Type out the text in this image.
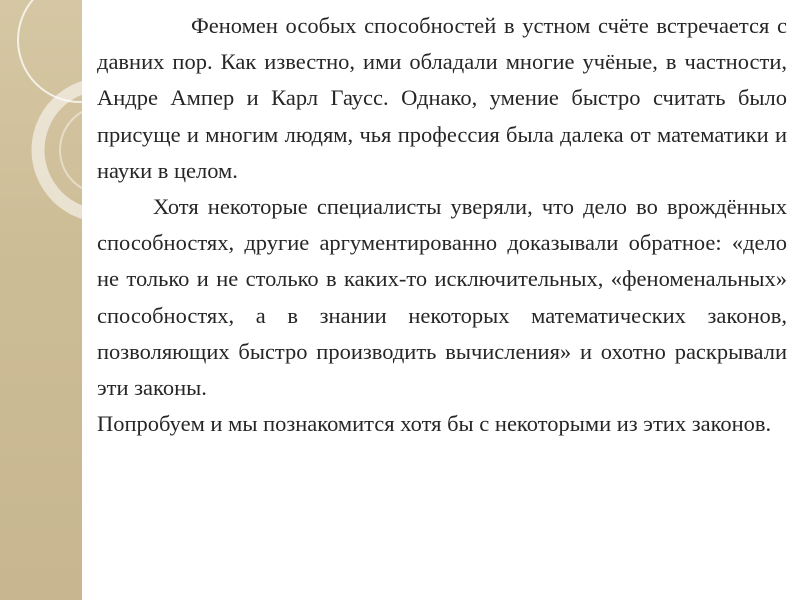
Феномен особых способностей в устном счёте встречается с давних пор. Как известно, ими обладали многие учёные, в частности, Андре Ампер и Карл Гаусс. Однако, умение быстро считать было присуще и многим людям, чья профессия была далека от математики и науки в целом.

Хотя некоторые специалисты уверяли, что дело во врождённых способностях, другие аргументированно доказывали обратное: «дело не только и не столько в каких-то исключительных, «феноменальных» способностях, а в знании некоторых математических законов, позволяющих быстро производить вычисления» и охотно раскрывали эти законы.

Попробуем и мы познакомится хотя бы с некоторыми из этих законов.
